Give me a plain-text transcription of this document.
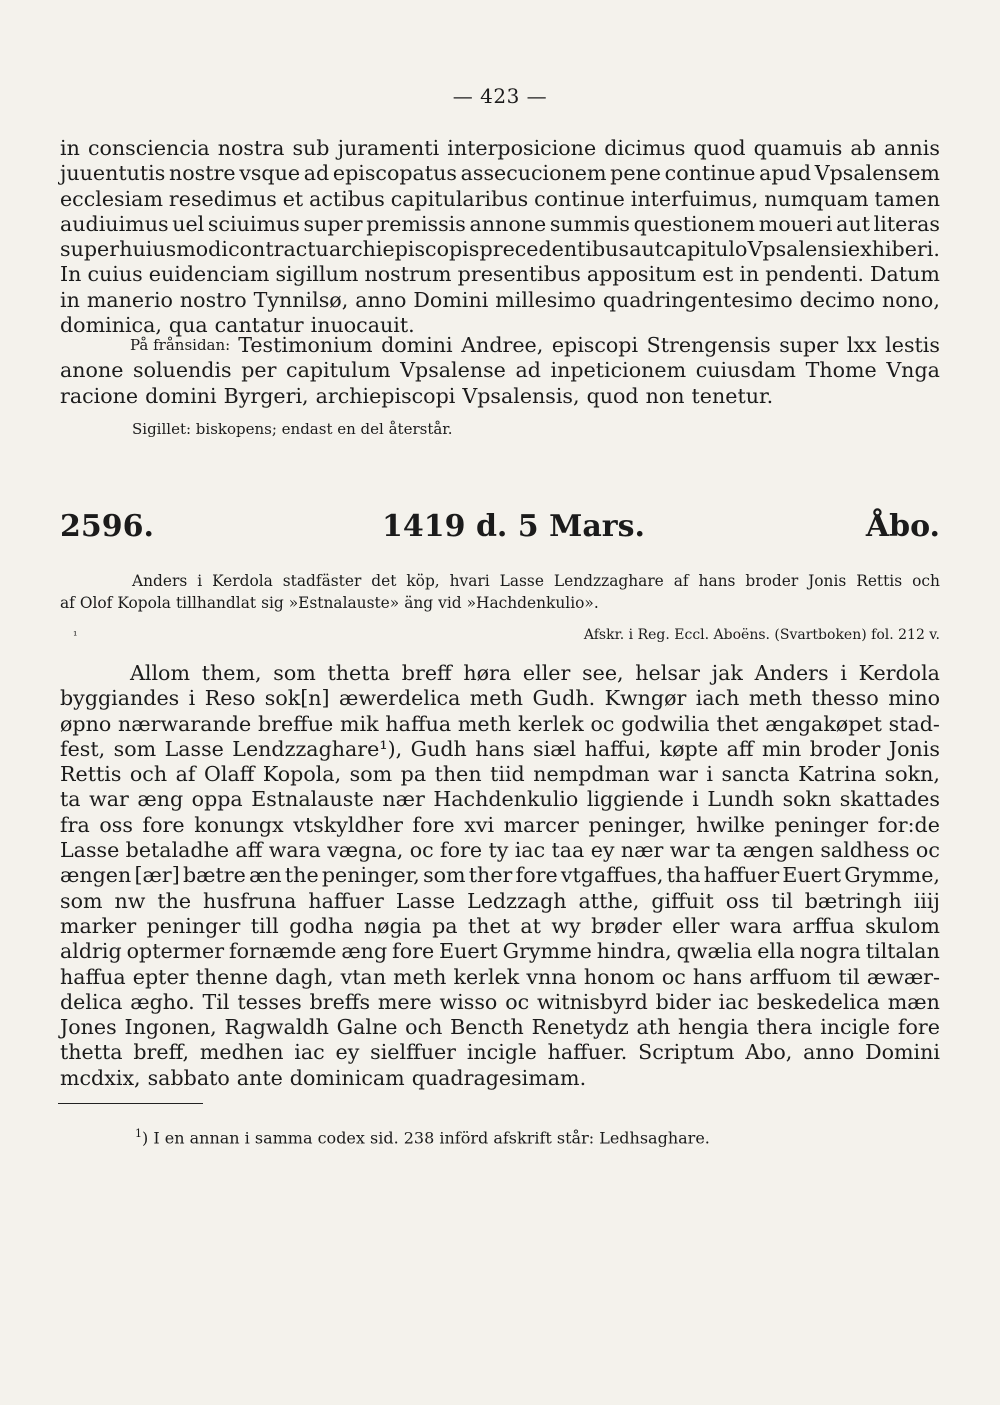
— 423 —
in consciencia nostra sub juramenti interposicione dicimus quod quamuis ab annis
juuentutis nostre vsque ad episcopatus assecucionem pene continue apud Vpsalensem
ecclesiam resedimus et actibus capitularibus continue interfuimus, numquam tamen
audiuimus uel sciuimus super premissis annone summis questionem moueri aut literas
super huiusmodi contractu archiepiscopis precedentibus aut capitulo Vpsalensi exhiberi.
In cuius euidenciam sigillum nostrum presentibus appositum est in pendenti. Datum
in manerio nostro Tynnilsø, anno Domini millesimo quadringentesimo decimo nono,
dominica, qua cantatur inuocauit.
På frånsidan: Testimonium domini Andree, episcopi Strengensis super lxx lestis
anone soluendis per capitulum Vpsalense ad inpeticionem cuiusdam Thome Vnga
racione domini Byrgeri, archiepiscopi Vpsalensis, quod non tenetur.
Sigillet: biskopens; endast en del återstår.
2596.	1419 d. 5 Mars.	Åbo.
Anders i Kerdola stadfäster det köp, hvari Lasse Lendzzaghare af hans broder Jonis Rettis och
af Olof Kopola tillhandlat sig »Estnalauste» äng vid »Hachdenkulio».
¹	Afskr. i Reg. Eccl. Aboëns. (Svartboken) fol. 212 v.
Allom them, som thetta breff høra eller see, helsar jak Anders i Kerdola
byggiandes i Reso sok[n] æwerdelica meth Gudh. Kwngør iach meth thesso mino
øpno nærwarande breffue mik haffua meth kerlek oc godwilia thet ængakøpet stad-
fest, som Lasse Lendzzaghare¹), Gudh hans siæl haffui, køpte aff min broder Jonis
Rettis och af Olaff Kopola, som pa then tiid nempdman war i sancta Katrina sokn,
ta war æng oppa Estnalauste nær Hachdenkulio liggiende i Lundh sokn skattades
fra oss fore konungx vtskyldher fore xvi marcer peninger, hwilke peninger for:de
Lasse betaladhe aff wara vægna, oc fore ty iac taa ey nær war ta ængen saldhess oc
ængen [ær] bætre æn the peninger, som ther fore vtgaffues, tha haffuer Euert Grymme,
som nw the husfruna haffuer Lasse Ledzzagh atthe, giffuit oss til bætringh iiij
marker peninger till godha nøgia pa thet at wy brøder eller wara arffua skulom
aldrig optermer fornæmde æng fore Euert Grymme hindra, qwælia ella nogra tiltalan
haffua epter thenne dagh, vtan meth kerlek vnna honom oc hans arffuom til æwær-
delica ægho. Til tesses breffs mere wisso oc witnisbyrd bider iac beskedelica mæn
Jones Ingonen, Ragwaldh Galne och Bencth Renetydz ath hengia thera incigle fore
thetta breff, medhen iac ey sielffuer incigle haffuer. Scriptum Abo, anno Domini
mcdxix, sabbato ante dominicam quadragesimam.
$^1$) I en annan i samma codex sid. 238 införd afskrift står: Ledhsaghare.
